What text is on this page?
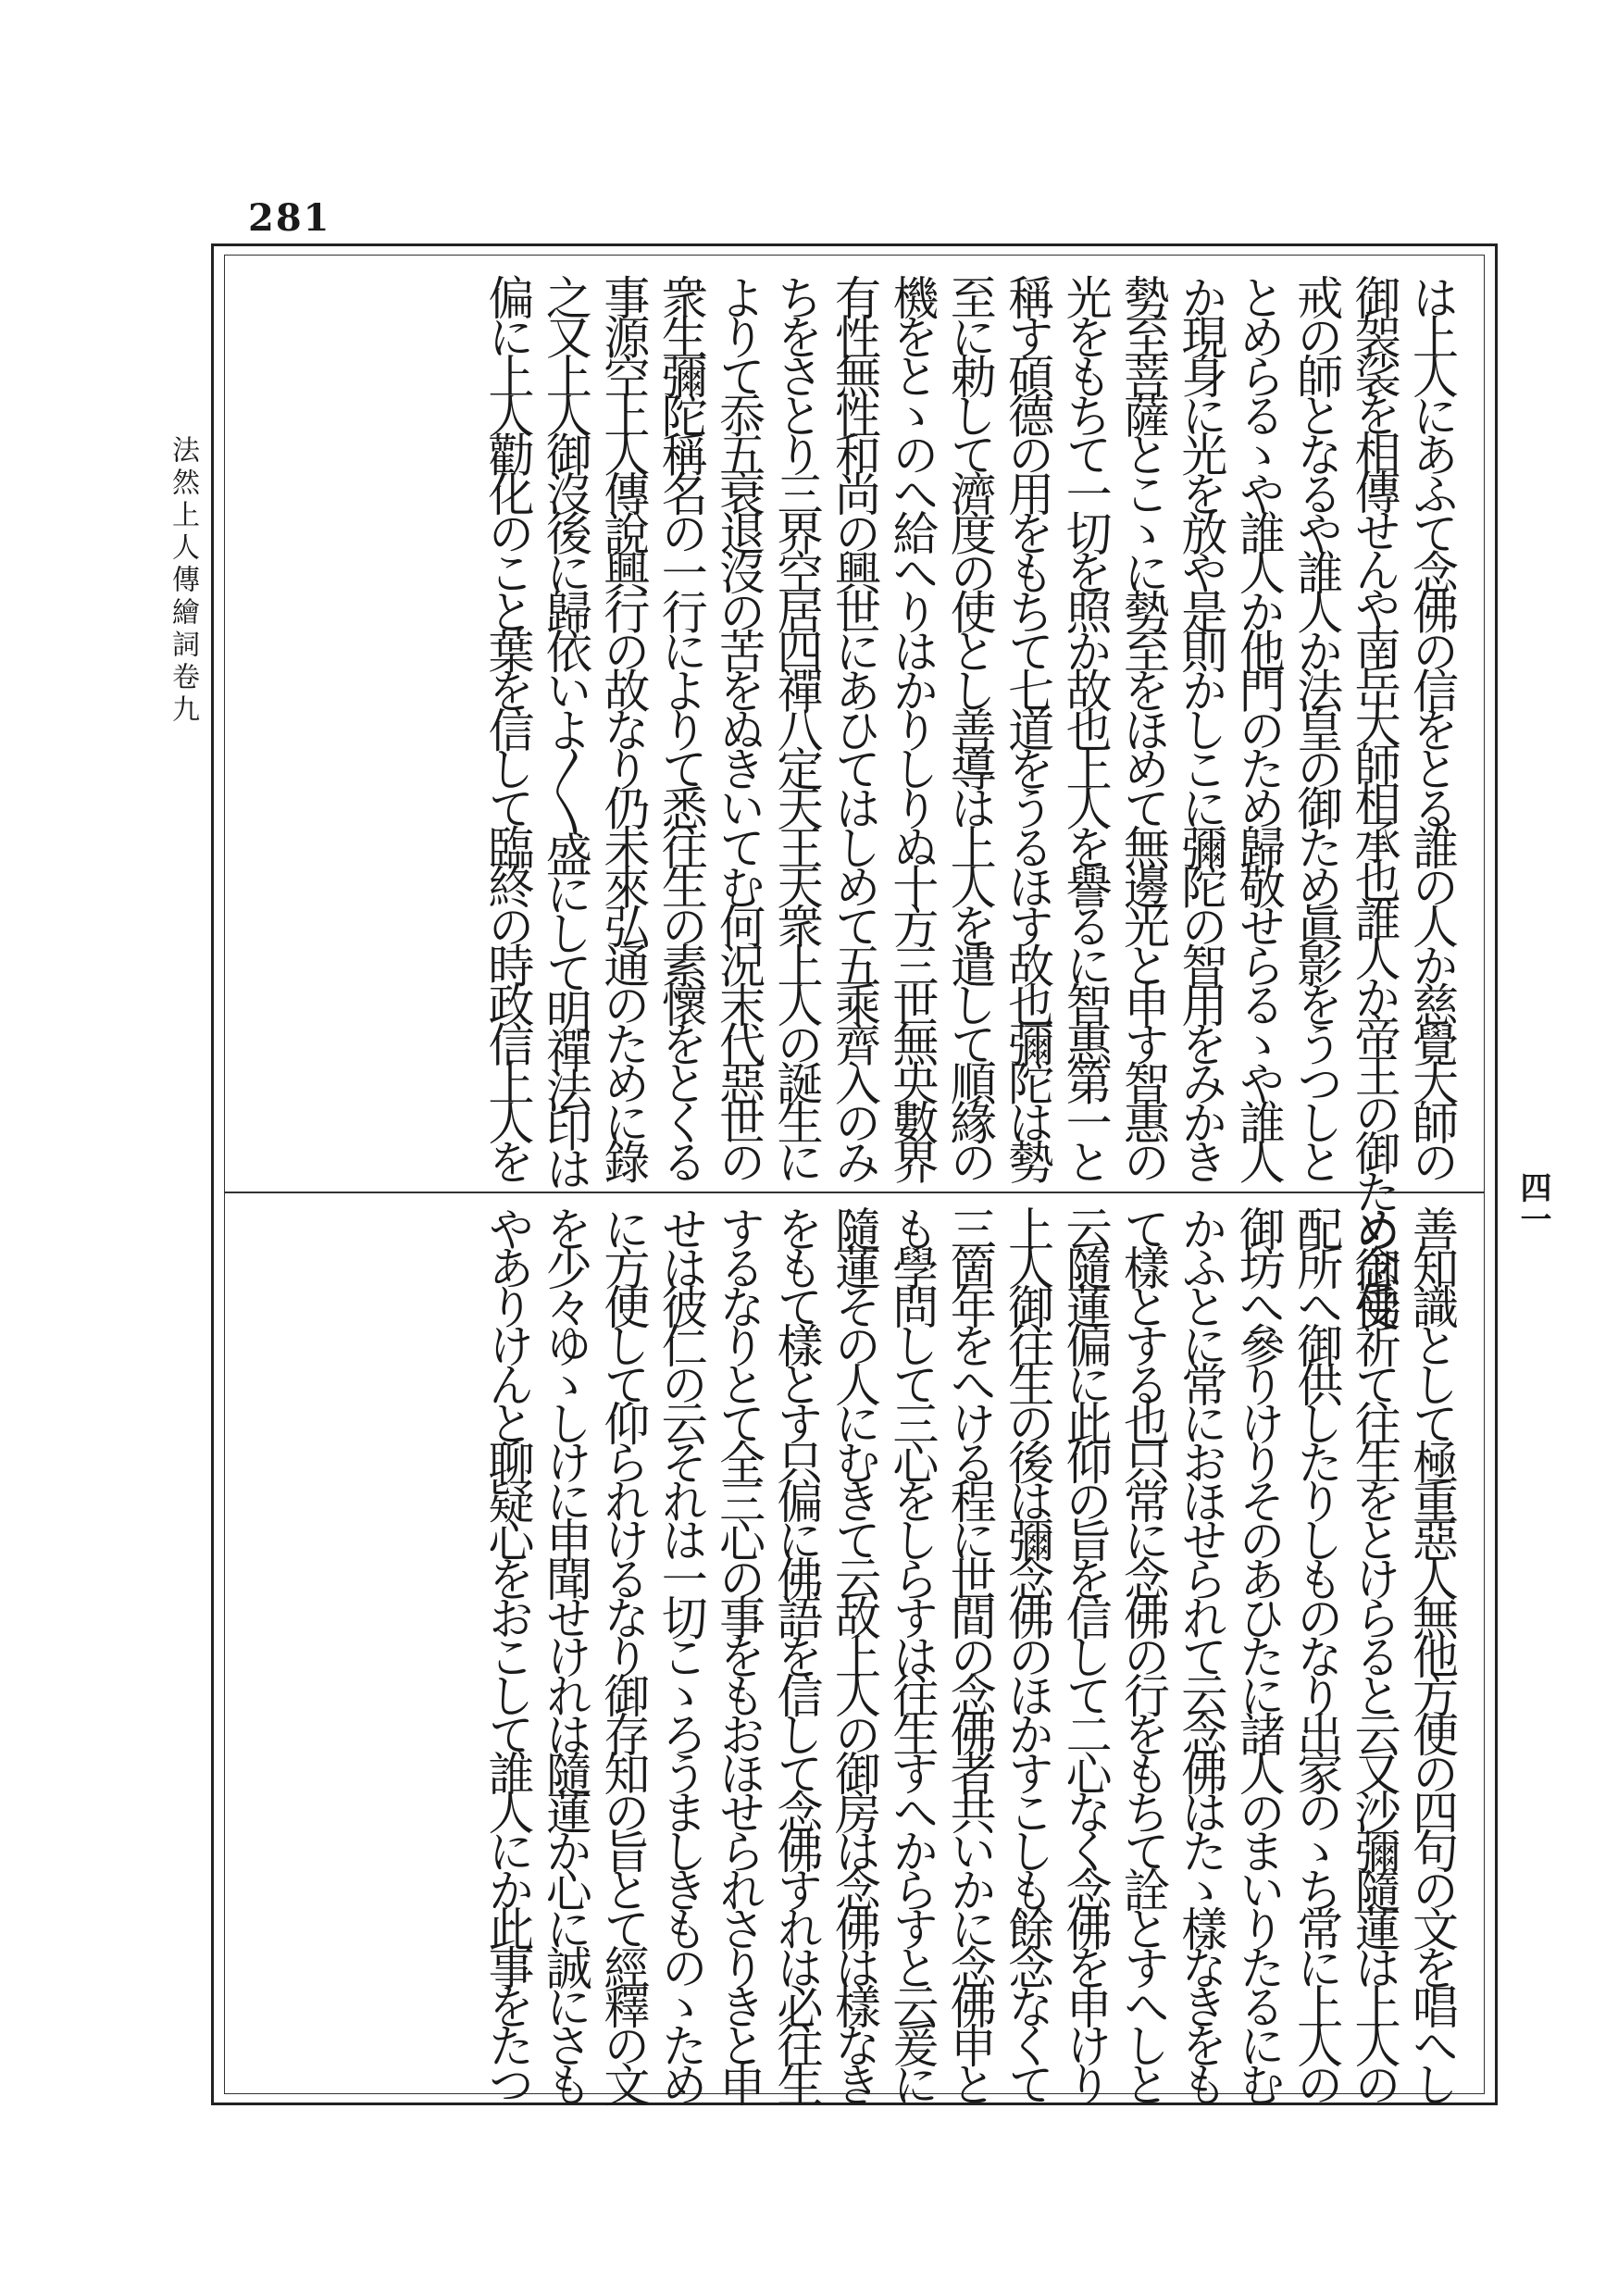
281
法然上人傳繪詞卷九
四一
は上人にあふて念佛の信をとる誰の人か慈覺大師の
御袈裟を相傳せんや南岳大師相承也誰人か帝王の御ため御受
戒の師となるや誰人か法皇の御ため眞影をうつしと
とめらるゝや誰人か他門のため歸敬せらるゝや誰人
か現身に光を放や是則かしこに彌陀の智用をみかき
勢至菩薩とこゝに勢至をほめて無邊光と申す智惠の
光をもちて一切を照か故也上人を譽るに智惠第一と
稱す碩德の用をもちて七道をうるほす故也彌陀は勢
至に勅して濟度の使とし善導は上人を遣して順緣の
機をとゝのへ給へりはかりしりぬ十方三世無央數界
有性無性和尚の興世にあひてはしめて五乘齊入のみ
ちをさとり三界空居四禪八定天王天衆上人の誕生に
よりて忝五衰退沒の苦をぬきいてむ何況末代惡世の
衆生彌陀稱名の一行によりて悉往生の素懷をとくる
事源空上人傳說興行の故なり仍未來弘通のために錄
之又上人御沒後に歸依いよ〳〵盛にして明禪法印は
偏に上人勸化のこと葉を信して臨終の時政信上人を
善知識として極重惡人無他方便の四句の文を唱へし
め念佛祈て往生をとけらると云又沙彌隨蓮は上人の
配所へ御供したりしものなり出家のゝち常に上人の
御坊へ參りけりそのあひたに諸人のまいりたるにむ
かふとに常におほせられて云念佛はたゝ樣なきをも
て樣とする也只常に念佛の行をもちて詮とすへしと
云隨蓮偏に此仰の旨を信して二心なく念佛を申けり
上人御往生の後は彌念佛のほかすこしも餘念なくて
三箇年をへける程に世間の念佛者共いかに念佛申と
も學問して三心をしらすは往生すへからすと云爰に
隨蓮その人にむきて云故上人の御房は念佛は樣なき
をもて樣とす只偏に佛語を信して念佛すれは必往生
するなりとて全三心の事をもおほせられさりきと申
せは彼仁の云それは一切こゝろうましきものゝため
に方便して仰られけるなり御存知の旨とて經釋の文
を少々ゆゝしけに申聞せけれは隨蓮か心に誠にさも
やありけんと聊疑心をおこして誰人にか此事をたつ
